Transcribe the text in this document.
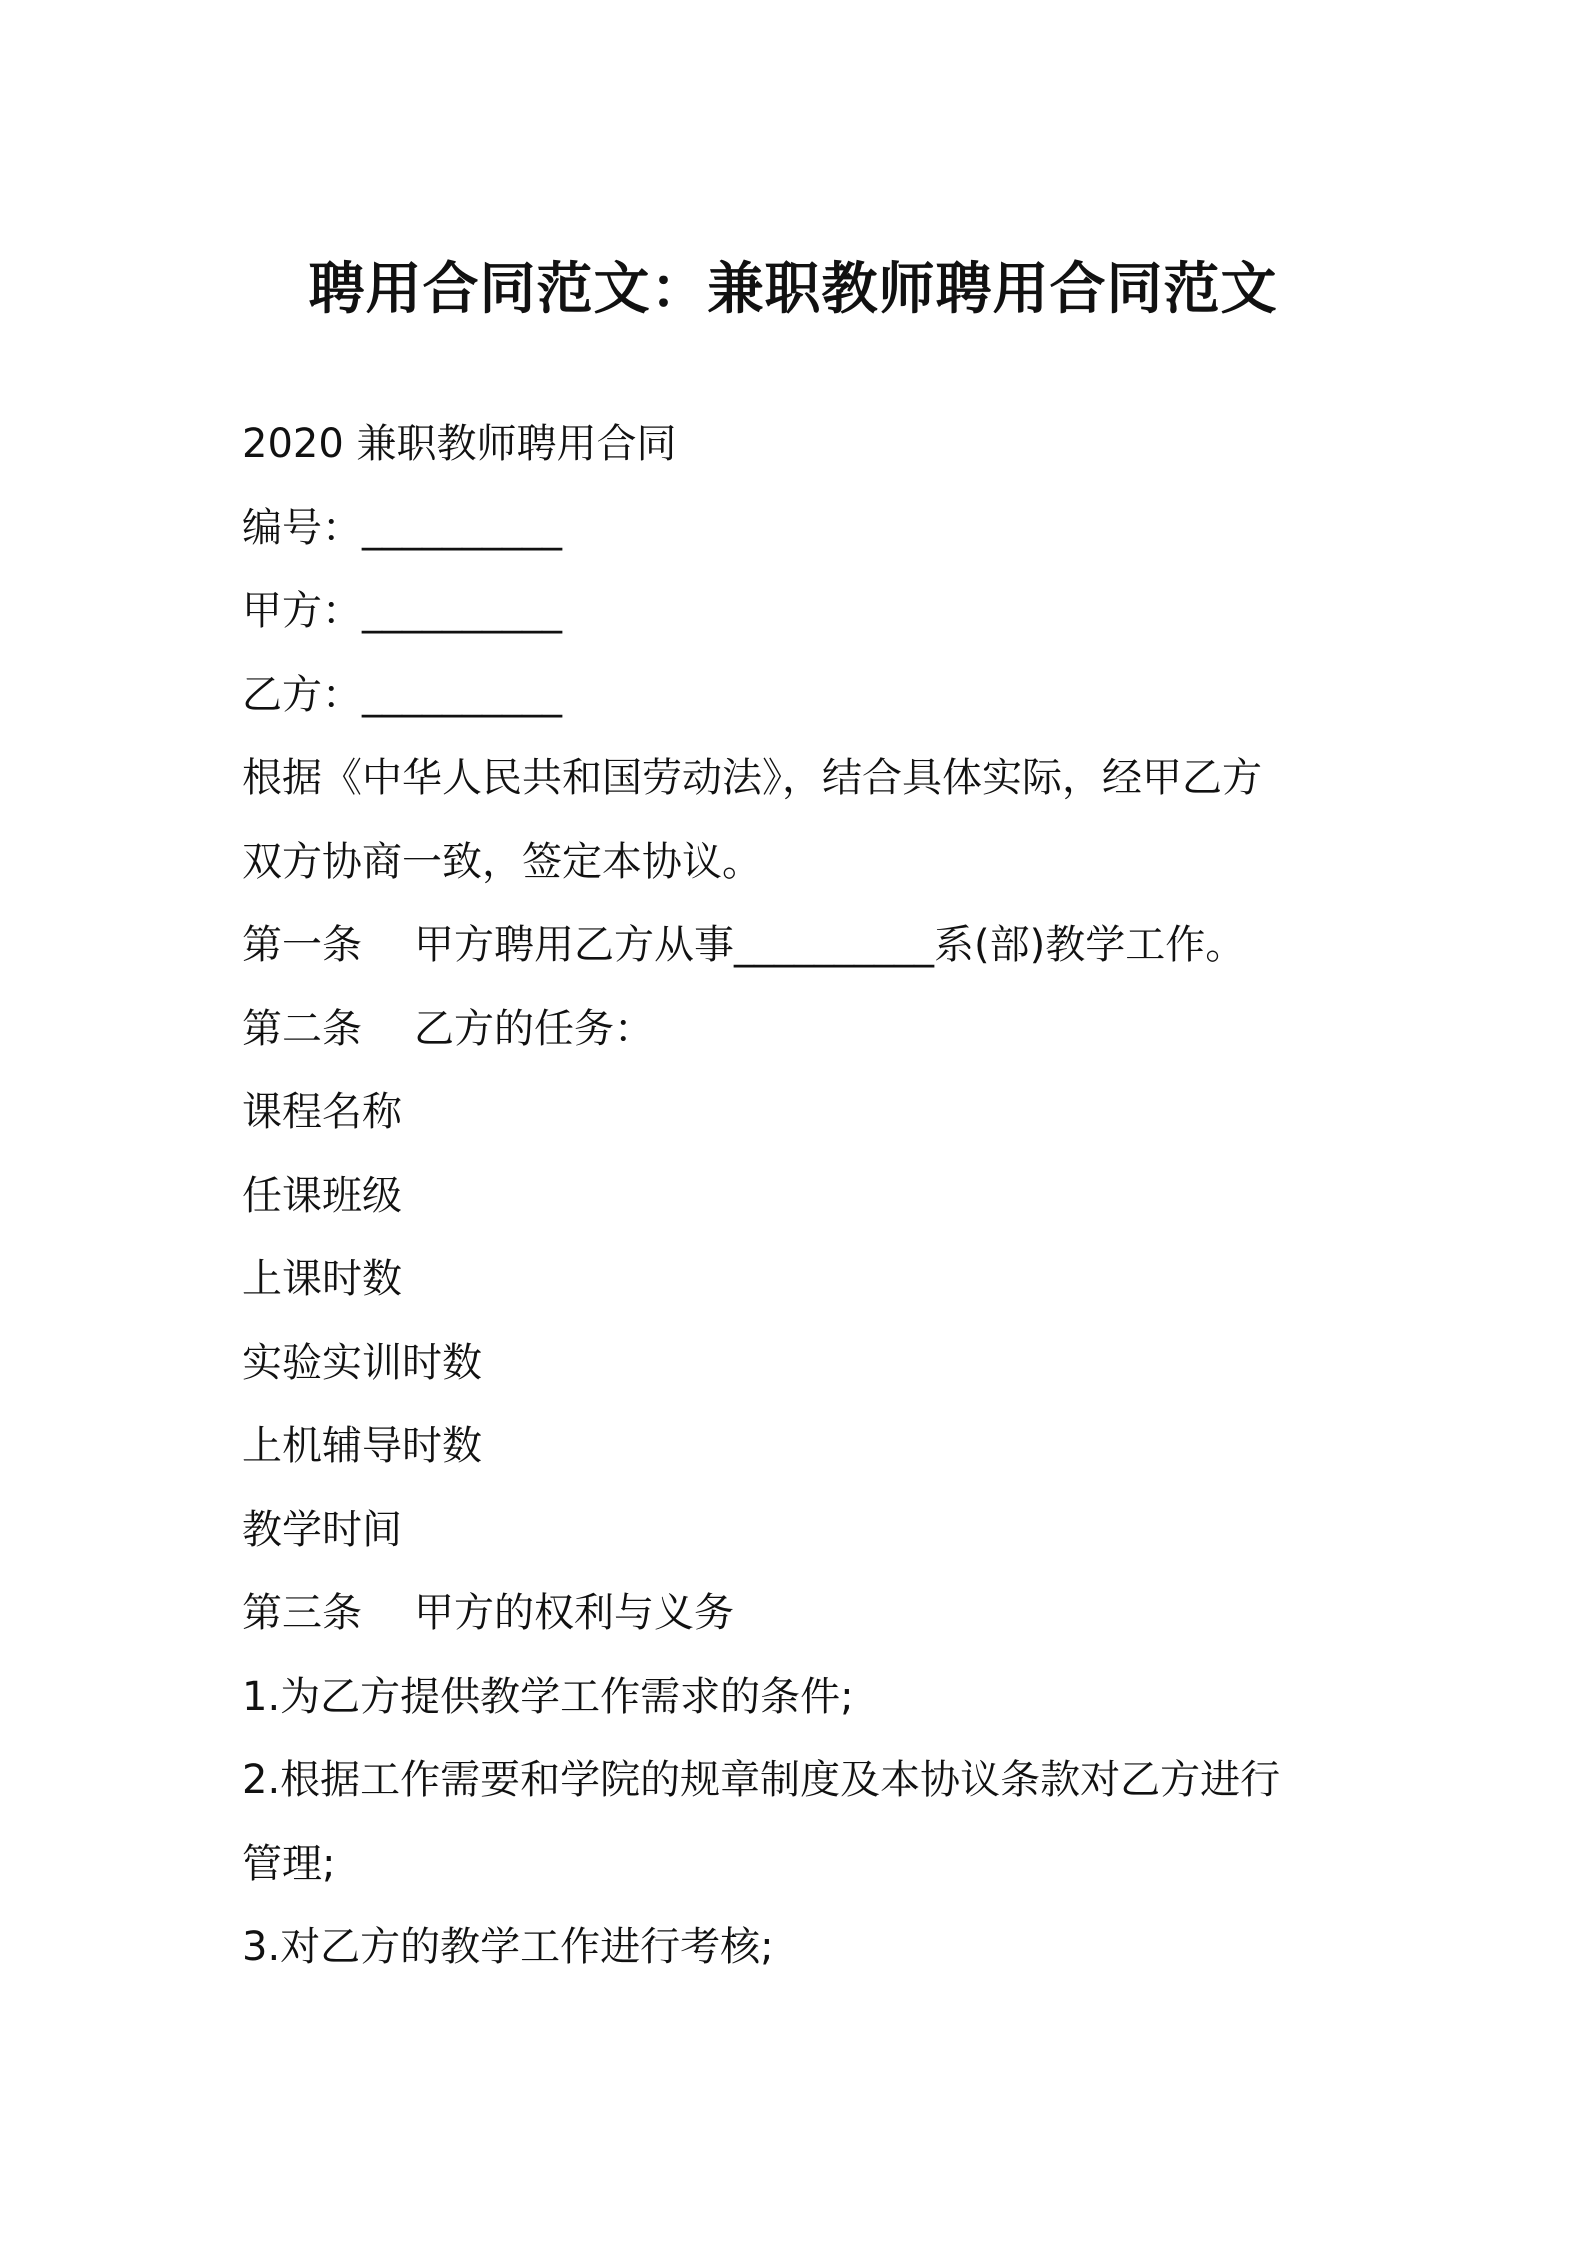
聘用合同范文：兼职教师聘用合同范文

2020 兼职教师聘用合同

编号：__________

甲方：__________

乙方：__________

根据《中华人民共和国劳动法》，结合具体实际，经甲乙方

双方协商一致，签定本协议。

第一条 甲方聘用乙方从事__________系(部)教学工作。

第二条 乙方的任务：

课程名称

任课班级

上课时数

实验实训时数

上机辅导时数

教学时间

第三条 甲方的权利与义务

1.为乙方提供教学工作需求的条件;

2.根据工作需要和学院的规章制度及本协议条款对乙方进行

管理;

3.对乙方的教学工作进行考核;
